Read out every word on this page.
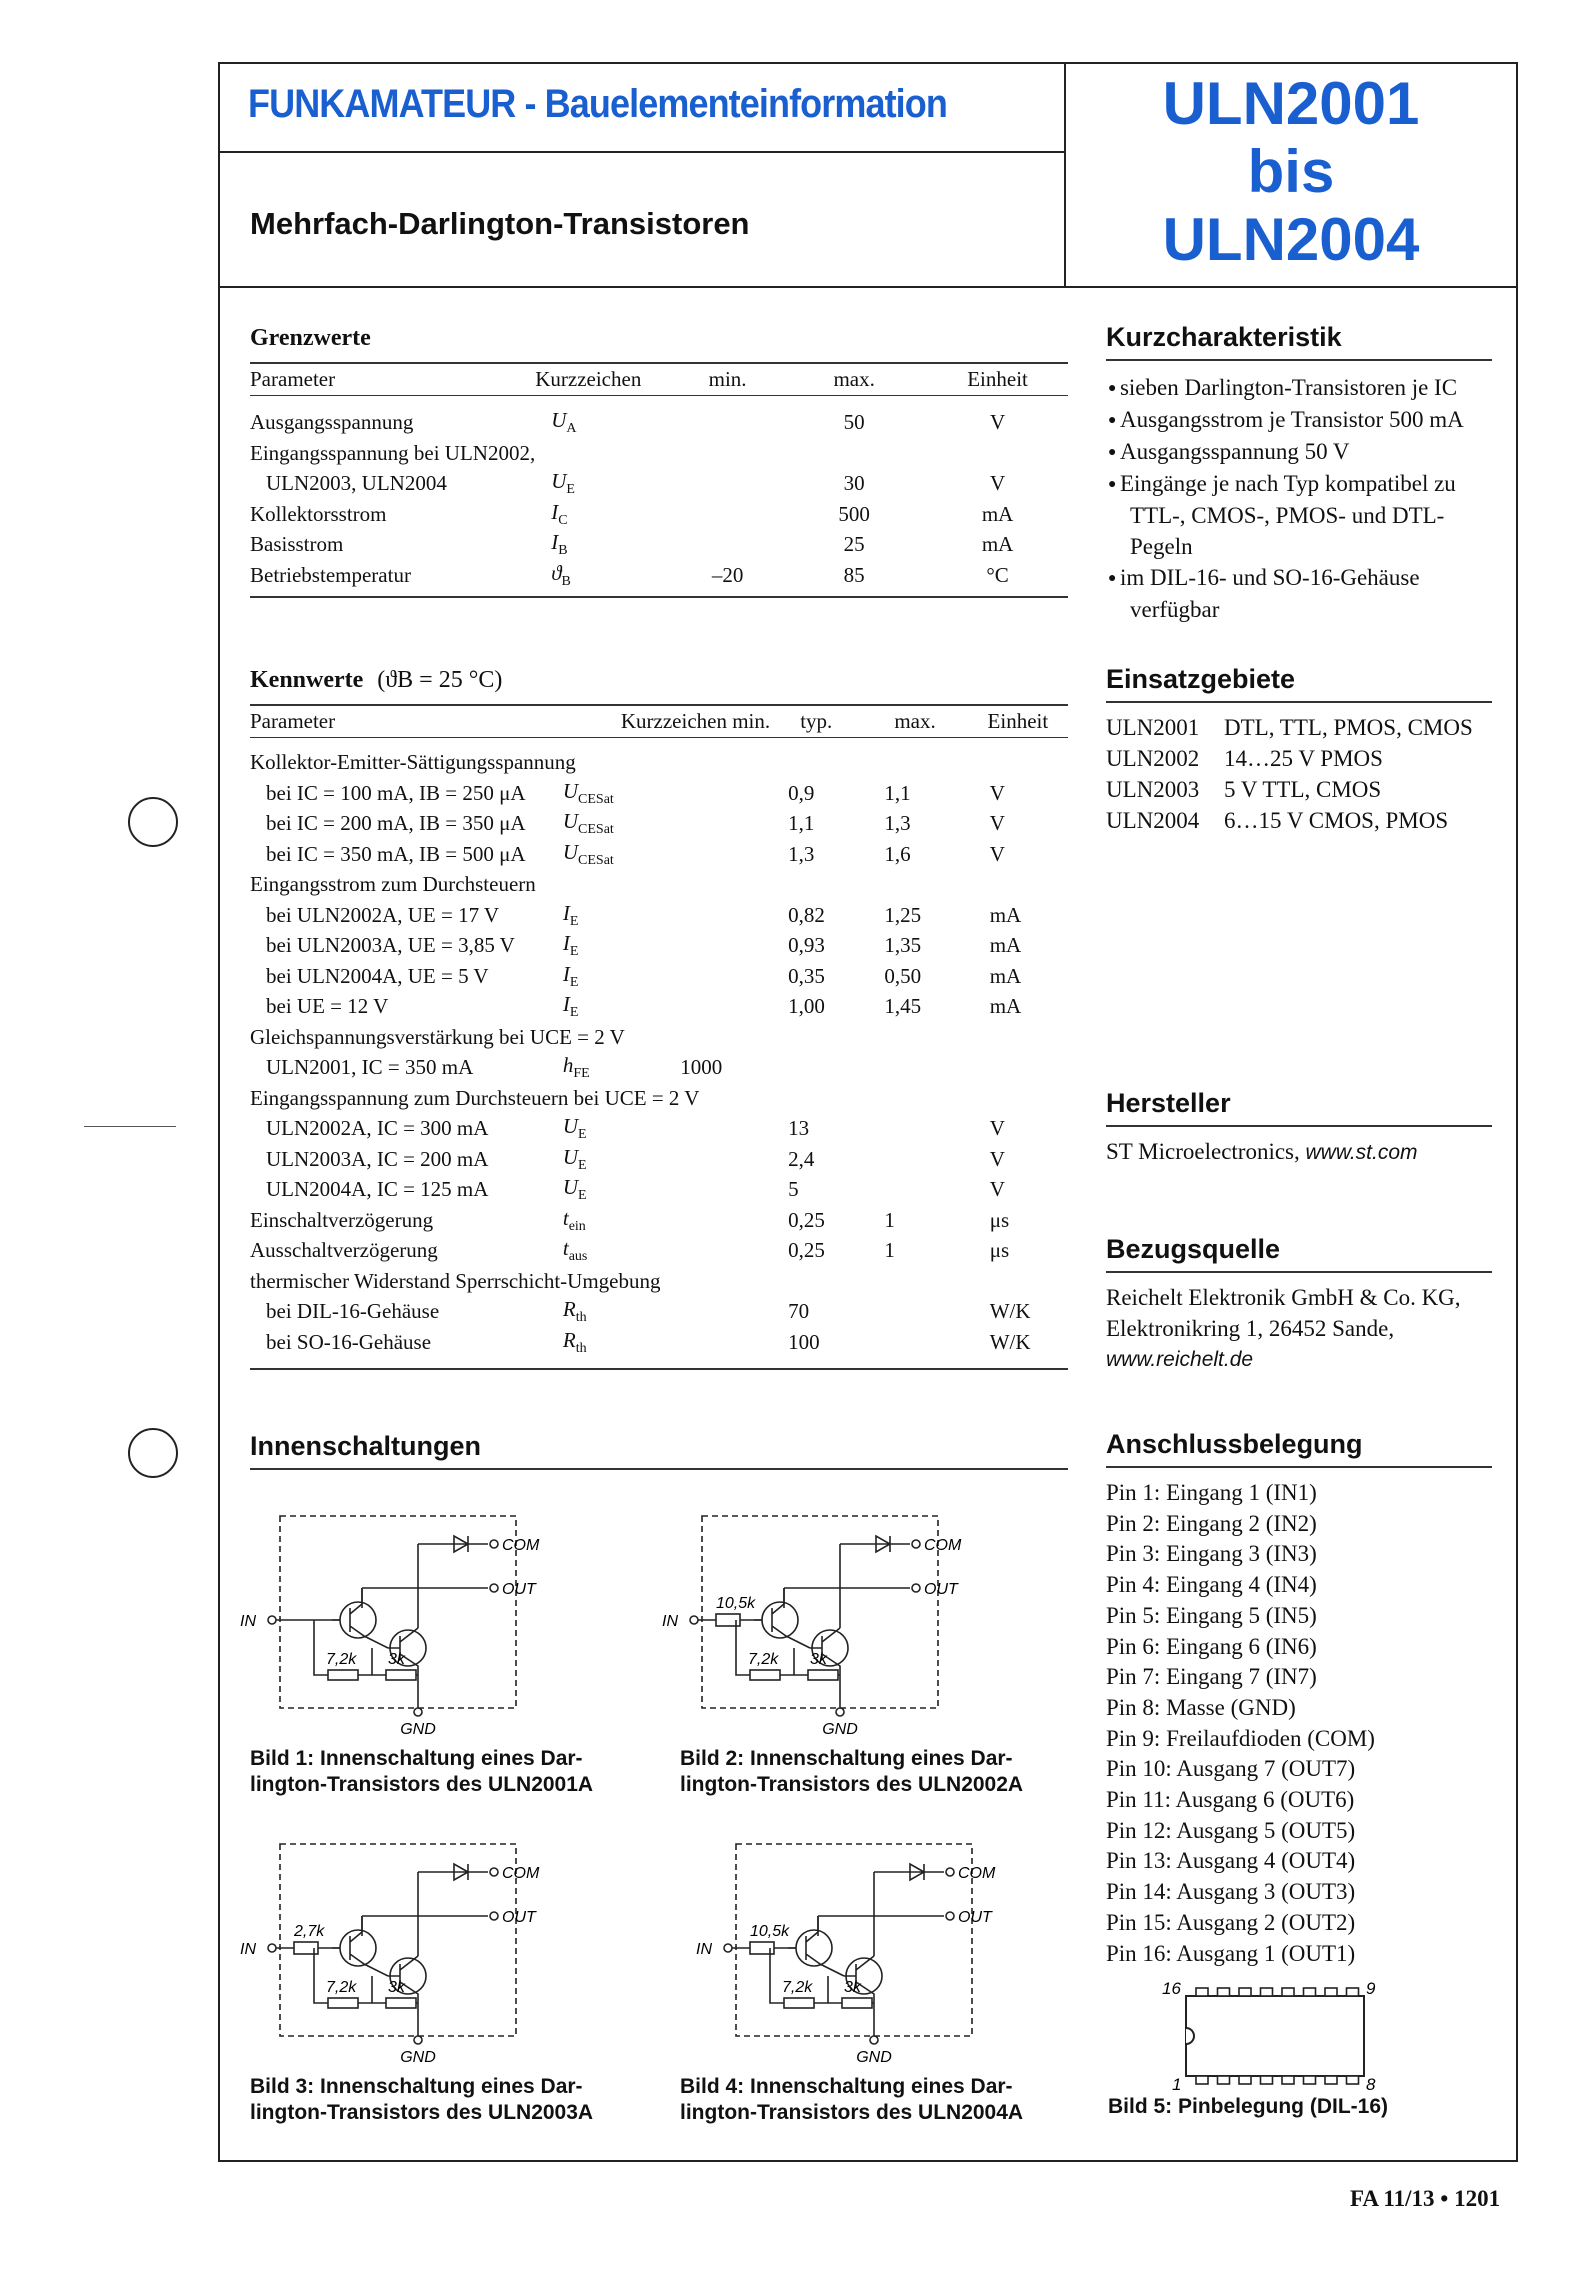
FUNKAMATEUR - Bauelementeinformation
Mehrfach-Darlington-Transistoren
ULN2001
bis
ULN2004
Grenzwerte
Parameter	Kurzzeichen	min.	max.	Einheit

Ausgangsspannung	$U_A$		50	V
Eingangsspannung bei ULN2002,				
ULN2003, ULN2004	$U_E$		30	V
Kollektorsstrom	$I_C$		500	mA
Basisstrom	$I_B$		25	mA
Betriebstemperatur	$ϑ_B$	–20	85	°C
Kennwerte (ϑB = 25 °C)
Parameter	Kurzzeichen min.		typ.	max.	Einheit

Kollektor-Emitter-Sättigungsspannung					
bei IC = 100 mA, IB = 250 μA	$U_{CESat}$		0,9	1,1	V
bei IC = 200 mA, IB = 350 μA	$U_{CESat}$		1,1	1,3	V
bei IC = 350 mA, IB = 500 μA	$U_{CESat}$		1,3	1,6	V
Eingangsstrom zum Durchsteuern					
bei ULN2002A, UE = 17 V	$I_E$		0,82	1,25	mA
bei ULN2003A, UE = 3,85 V	$I_E$		0,93	1,35	mA
bei ULN2004A, UE = 5 V	$I_E$		0,35	0,50	mA
bei UE = 12 V	$I_E$		1,00	1,45	mA
Gleichspannungsverstärkung bei UCE = 2 V					
ULN2001, IC = 350 mA	$h_{FE}$	1000			
Eingangsspannung zum Durchsteuern bei UCE = 2 V					
ULN2002A, IC = 300 mA	$U_E$		13		V
ULN2003A, IC = 200 mA	$U_E$		2,4		V
ULN2004A, IC = 125 mA	$U_E$		5		V
Einschaltverzögerung	$t_{ein}$		0,25	1	μs
Ausschaltverzögerung	$t_{aus}$		0,25	1	μs
thermischer Widerstand Sperrschicht-Umgebung					
bei DIL-16-Gehäuse	$R_{th}$		70		W/K
bei SO-16-Gehäuse	$R_{th}$		100		W/K
Kurzcharakteristik
● sieben Darlington-Transistoren je IC
● Ausgangsstrom je Transistor 500 mA
● Ausgangsspannung 50 V
● Eingänge je nach Typ kompatibel zu TTL-, CMOS-, PMOS- und DTL-Pegeln
● im DIL-16- und SO-16-Gehäuse verfügbar
Einsatzgebiete
ULN2001 DTL, TTL, PMOS, CMOS
ULN2002 14…25 V PMOS
ULN2003 5 V TTL, CMOS
ULN2004 6…15 V CMOS, PMOS
Hersteller
ST Microelectronics, www.st.com
Bezugsquelle
Reichelt Elektronik GmbH & Co. KG,
Elektronikring 1, 26452 Sande,
www.reichelt.de
Anschlussbelegung
Pin 1: Eingang 1 (IN1)
Pin 2: Eingang 2 (IN2)
Pin 3: Eingang 3 (IN3)
Pin 4: Eingang 4 (IN4)
Pin 5: Eingang 5 (IN5)
Pin 6: Eingang 6 (IN6)
Pin 7: Eingang 7 (IN7)
Pin 8: Masse (GND)
Pin 9: Freilaufdioden (COM)
Pin 10: Ausgang 7 (OUT7)
Pin 11: Ausgang 6 (OUT6)
Pin 12: Ausgang 5 (OUT5)
Pin 13: Ausgang 4 (OUT4)
Pin 14: Ausgang 3 (OUT3)
Pin 15: Ausgang 2 (OUT2)
Pin 16: Ausgang 1 (OUT1)
16	9
1	8
Bild 5: Pinbelegung (DIL-16)
Innenschaltungen
IN
COM
OUT
GND
7,2k 3k
Bild 1: Innenschaltung eines Dar-
lington-Transistors des ULN2001A
10,5k
IN
COM
OUT
GND
7,2k 3k
Bild 2: Innenschaltung eines Dar-
lington-Transistors des ULN2002A
2,7k
IN
COM
OUT
GND
7,2k 3k
Bild 3: Innenschaltung eines Dar-
lington-Transistors des ULN2003A
10,5k
IN
COM
OUT
GND
7,2k 3k
Bild 4: Innenschaltung eines Dar-
lington-Transistors des ULN2004A
FA 11/13 • 1201
